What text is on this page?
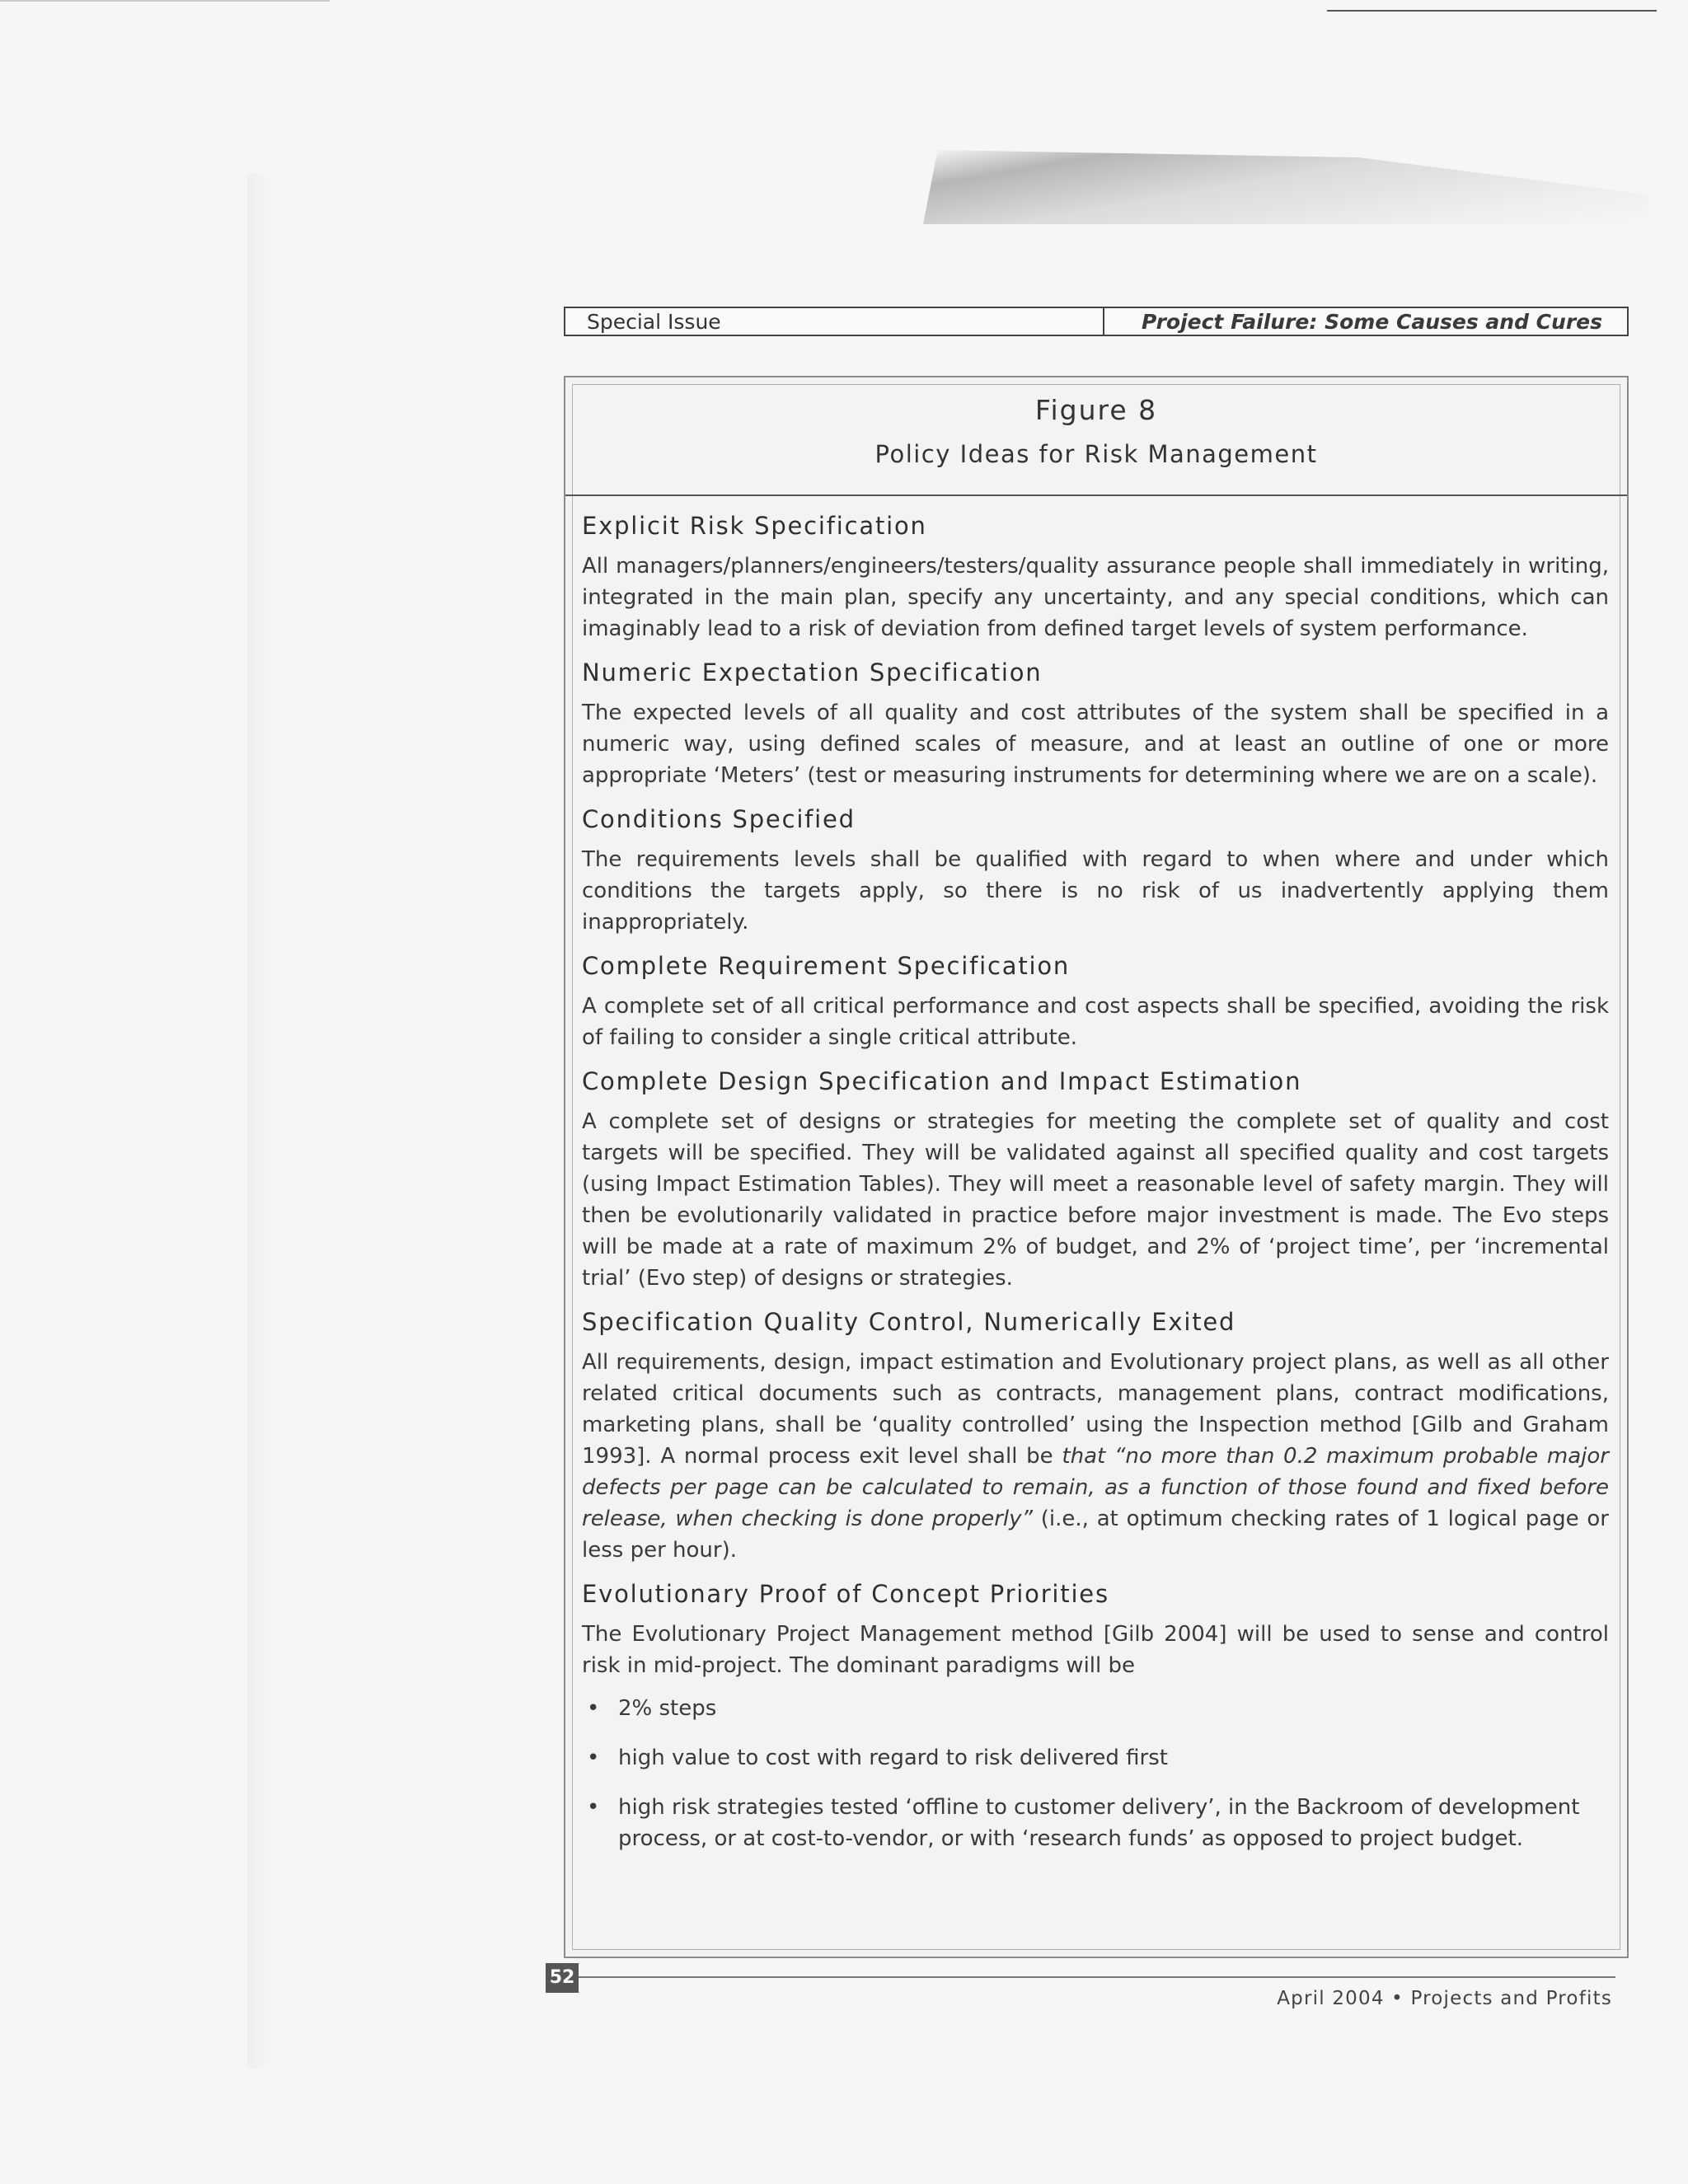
Special Issue	Project Failure: Some Causes and Cures
Figure 8
Policy Ideas for Risk Management

Explicit Risk Specification

All managers/planners/engineers/testers/quality assurance people shall immediately in writing, integrated in the main plan, specify any uncertainty, and any special conditions, which can imaginably lead to a risk of deviation from defined target levels of system performance.

Numeric Expectation Specification

The expected levels of all quality and cost attributes of the system shall be specified in a numeric way, using defined scales of measure, and at least an outline of one or more appropriate ‘Meters’ (test or measuring instruments for determining where we are on a scale).

Conditions Specified

The requirements levels shall be qualified with regard to when where and under which conditions the targets apply, so there is no risk of us inadvertently applying them inappropriately.

Complete Requirement Specification

A complete set of all critical performance and cost aspects shall be specified, avoiding the risk of failing to consider a single critical attribute.

Complete Design Specification and Impact Estimation

A complete set of designs or strategies for meeting the complete set of quality and cost targets will be specified. They will be validated against all specified quality and cost targets (using Impact Estimation Tables). They will meet a reasonable level of safety margin. They will then be evolutionarily validated in practice before major investment is made. The Evo steps will be made at a rate of maximum 2% of budget, and 2% of ‘project time’, per ‘incremental trial’ (Evo step) of designs or strategies.

Specification Quality Control, Numerically Exited

All requirements, design, impact estimation and Evolutionary project plans, as well as all other related critical documents such as contracts, management plans, contract modifications, marketing plans, shall be ‘quality controlled’ using the Inspection method [Gilb and Graham 1993]. A normal process exit level shall be that “no more than 0.2 maximum probable major defects per page can be calculated to remain, as a function of those found and fixed before release, when checking is done properly” (i.e., at optimum checking rates of 1 logical page or less per hour).

Evolutionary Proof of Concept Priorities

The Evolutionary Project Management method [Gilb 2004] will be used to sense and control risk in mid-project. The dominant paradigms will be

• 2% steps
• high value to cost with regard to risk delivered first
• high risk strategies tested ‘offline to customer delivery’, in the Backroom of development process, or at cost-to-vendor, or with ‘research funds’ as opposed to project budget.
52
April 2004 • Projects and Profits
